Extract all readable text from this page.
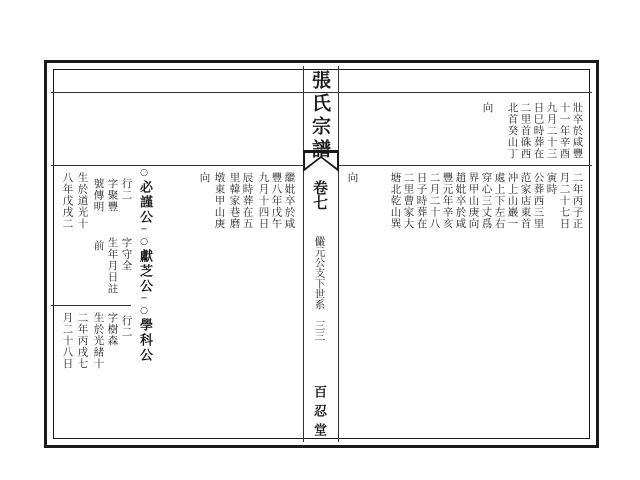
張氏宗譜
卷七
儼元公支下世系
三三
百忍堂
壯卒於咸豐
十一年辛酉
九月二十三
日巳時葬在
二里首硃西
北首癸山丁
向
二年丙子正
月二十七日
寅時
公葬西三里
范家店東首
冲上山巖一
處上下左右
穿心三丈爲
界甲山庚向
趙妣卒於咸
豐元年辛亥
二月二十八
日子時葬在
二里曹家大
塘北乾山巽
向
繼妣卒於咸
豐八年戊午
九月十四日
辰時葬在五
里韓家巷磨
墩東甲山庚
向
○必謹公─○獻芝公─○學科公
行二
字守全
生年月日註
前
字聚豐
號傳明
生於道光十
八年戊戌二
行二
字樹森
生於光緒十
二年丙戌七
月二十八日
